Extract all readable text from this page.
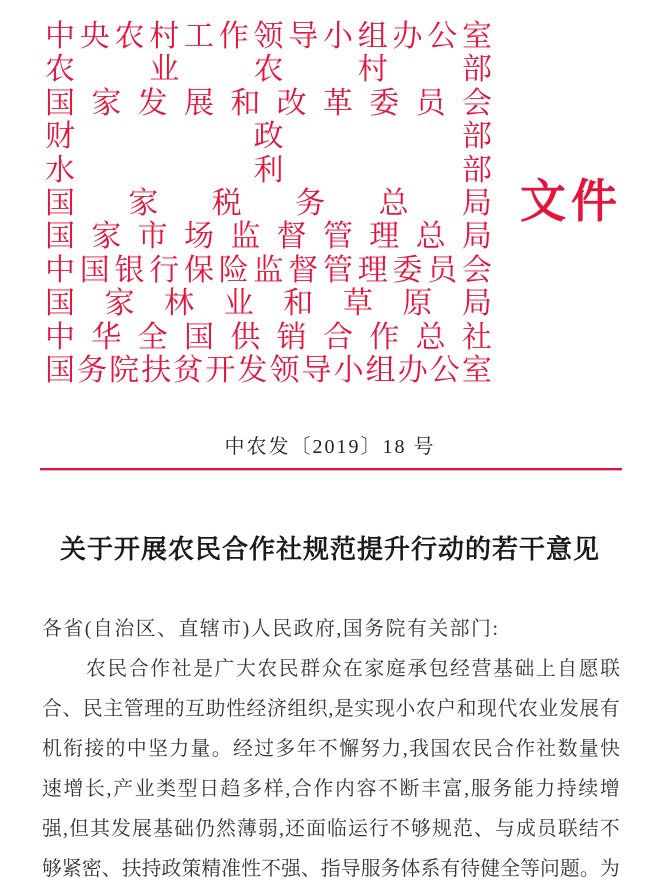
中 央 农 村 工 作 领 导 小 组 办 公 室
农 业 农 村 部
国 家 发 展 和 改 革 委 员 会
财	政	部
水	利	部
国 家 税 务 总 局
国 家 市 场 监 督 管 理 总 局
中 国 银 行 保 险 监 督 管 理 委 员 会
国 家 林 业 和 草 原 局
中 华 全 国 供 销 合 作 总 社
国 务 院 扶 贫 开 发 领 导 小 组 办 公 室
文件
中农发〔2019〕18 号
关于开展农民合作社规范提升行动的若干意见
各省(自治区、直辖市)人民政府,国务院有关部门:
农 民 合 作 社 是 广 大 农 民 群 众 在 家 庭 承 包 经 营 基 础 上 自 愿 联
合 、 民 主 管 理 的 互 助 性 经 济 组 织 , 是 实 现 小 农 户 和 现 代 农 业 发 展 有
机 衔 接 的 中 坚 力 量 。 经 过 多 年 不 懈 努 力 , 我 国 农 民 合 作 社 数 量 快
速 增 长 , 产 业 类 型 日 趋 多 样 , 合 作 内 容 不 断 丰 富 , 服 务 能 力 持 续 增
强 , 但 其 发 展 基 础 仍 然 薄 弱 , 还 面 临 运 行 不 够 规 范 、 与 成 员 联 结 不
够 紧 密 、 扶 持 政 策 精 准 性 不 强 、 指 导 服 务 体 系 有 待 健 全 等 问 题 。 为
